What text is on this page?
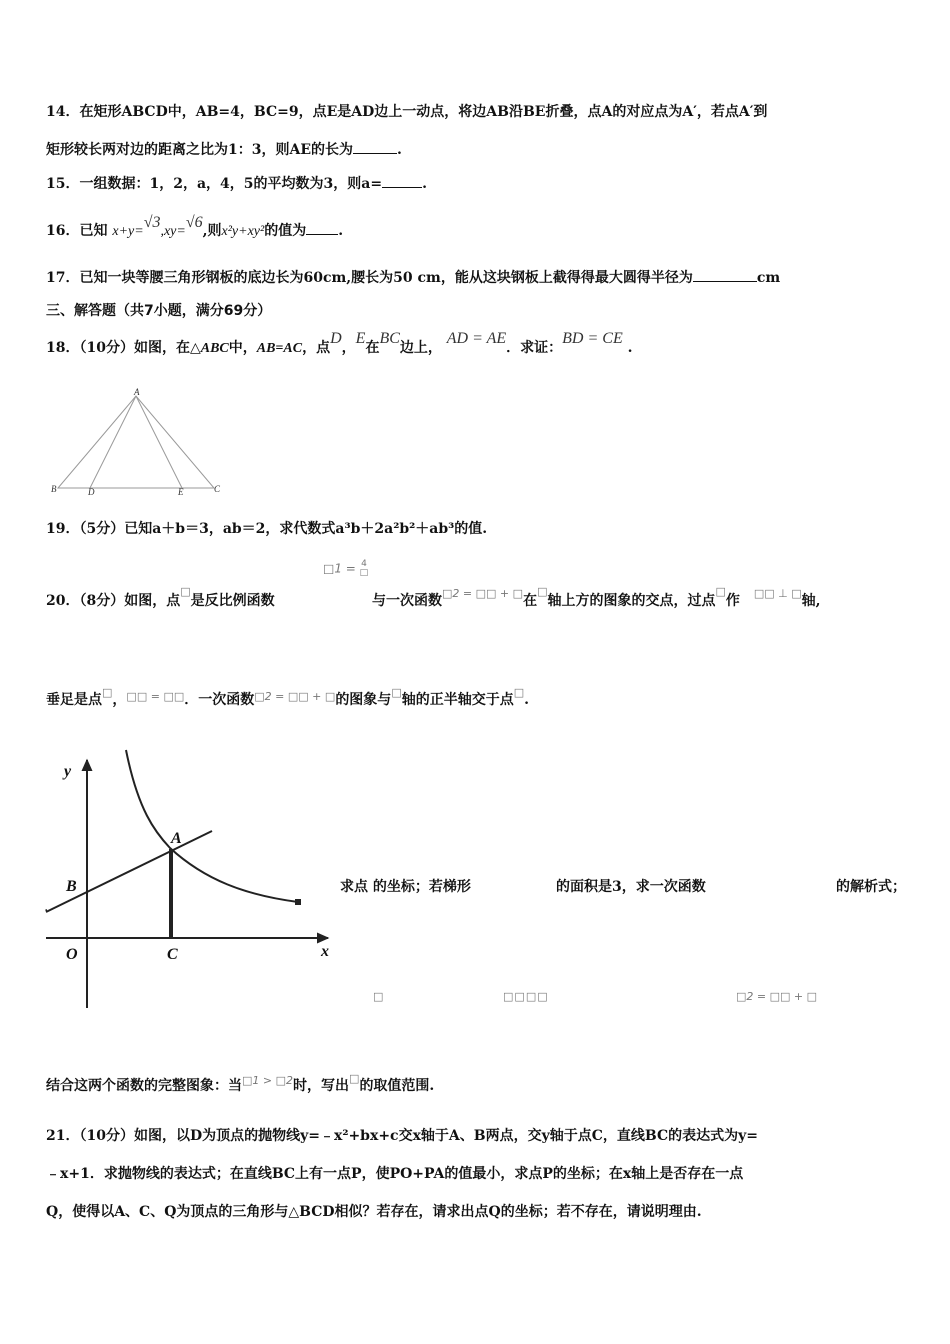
14．在矩形ABCD中，AB=4，BC=9，点E是AD边上一动点，将边AB沿BE折叠，点A的对应点为A′，若点A′到
矩形较长两对边的距离之比为1：3，则AE的长为	.
15．一组数据：1，2，a，4，5的平均数为3，则a=	.
16．已知 x+y=√3,xy=√6,则x²y+xy²的值为 .
17．已知一块等腰三角形钢板的底边长为60cm,腰长为50 cm，能从这块钢板上截得得最大圆得半径为	cm
三、解答题（共7小题，满分69分）
18．（10分）如图，在△ABC中，AB=AC，点D，E在BC边上， AD = AE．求证：BD = CE .
A
B	D	E	C
19．（5分）已知a＋b＝3，ab＝2，求代数式a³b＋2a²b²＋ab³的值.
20．（8分）如图，点□是反比例函数
□1 = 4
□
与一次函数$^{□2 = □□ + □}$在□轴上方的图象的交点，过点□作 □□ ⊥ □轴,
垂足是点□，□□ = □□．一次函数$^{□2 = □□ + □}$的图象与□轴的正半轴交于点□.
y
x
A
B
O	C
.
求点 的坐标；若梯形	的面积是3，求一次函数	的解析式；
□	□□□□	□2 = □□ + □
结合这两个函数的完整图象：当$^{□1 > □2}$时，写出□的取值范围.
21．（10分）如图，以D为顶点的抛物线y=﹣x²+bx+c交x轴于A、B两点，交y轴于点C，直线BC的表达式为y=
﹣x+1．求抛物线的表达式；在直线BC上有一点P，使PO+PA的值最小，求点P的坐标；在x轴上是否存在一点
Q，使得以A、C、Q为顶点的三角形与△BCD相似？若存在，请求出点Q的坐标；若不存在，请说明理由.
